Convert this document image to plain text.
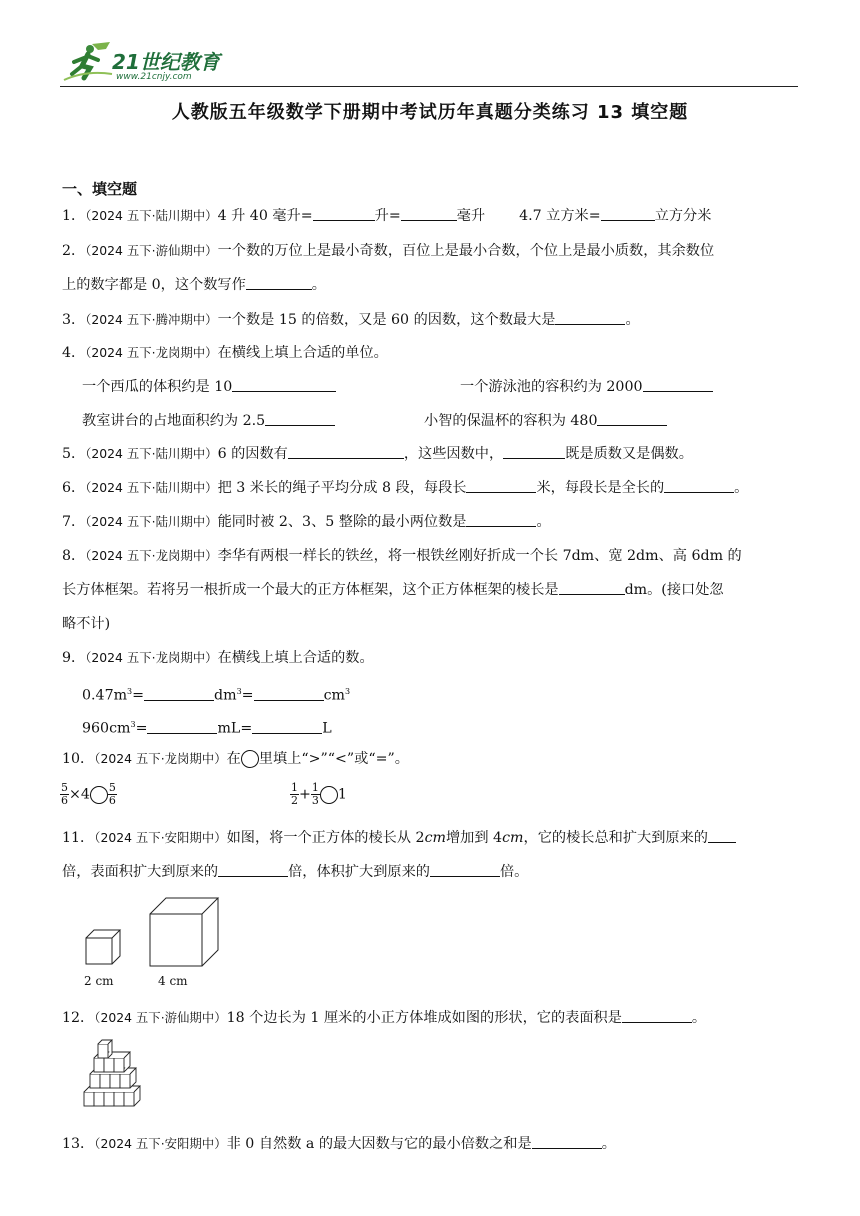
21世纪教育
www.21cnjy.com
人教版五年级数学下册期中考试历年真题分类练习 13 填空题
一、填空题
1．（2024 五下·陆川期中）4 升 40 毫升=	升=	毫升 4.7 立方米=	立方分米
2．（2024 五下·游仙期中）一个数的万位上是最小奇数，百位上是最小合数，个位上是最小质数，其余数位
上的数字都是 0，这个数写作	。
3．（2024 五下·腾冲期中）一个数是 15 的倍数，又是 60 的因数，这个数最大是	。
4．（2024 五下·龙岗期中）在横线上填上合适的单位。
一个西瓜的体积约是 10	一个游泳池的容积约为 2000
教室讲台的占地面积约为 2.5	小智的保温杯的容积为 480
5．（2024 五下·陆川期中）6 的因数有	，这些因数中，	既是质数又是偶数。
6．（2024 五下·陆川期中）把 3 米长的绳子平均分成 8 段，每段长	米，每段长是全长的	。
7．（2024 五下·陆川期中）能同时被 2、3、5 整除的最小两位数是	。
8．（2024 五下·龙岗期中）李华有两根一样长的铁丝，将一根铁丝刚好折成一个长 7dm、宽 2dm、高 6dm 的
长方体框架。若将另一根折成一个最大的正方体框架，这个正方体框架的棱长是	dm。(接口处忽
略不计)
9．（2024 五下·龙岗期中）在横线上填上合适的数。
$0.47m^3=$	$dm^3=$	$cm^3$
$960cm^3=$	mL=	L
10．（2024 五下·龙岗期中）在 里填上“>”“<”或“=”。
$\frac{5}{6} \times 4 \frac{5}{6}$	$\frac{1}{2} + \frac{1}{3} 1$
11．（2024 五下·安阳期中）如图，将一个正方体的棱长从 2cm增加到 4cm，它的棱长总和扩大到原来的
倍，表面积扩大到原来的	倍，体积扩大到原来的	倍。
2 cm	4 cm
12．（2024 五下·游仙期中）18 个边长为 1 厘米的小正方体堆成如图的形状，它的表面积是	。
13．（2024 五下·安阳期中）非 0 自然数 a 的最大因数与它的最小倍数之和是	。
